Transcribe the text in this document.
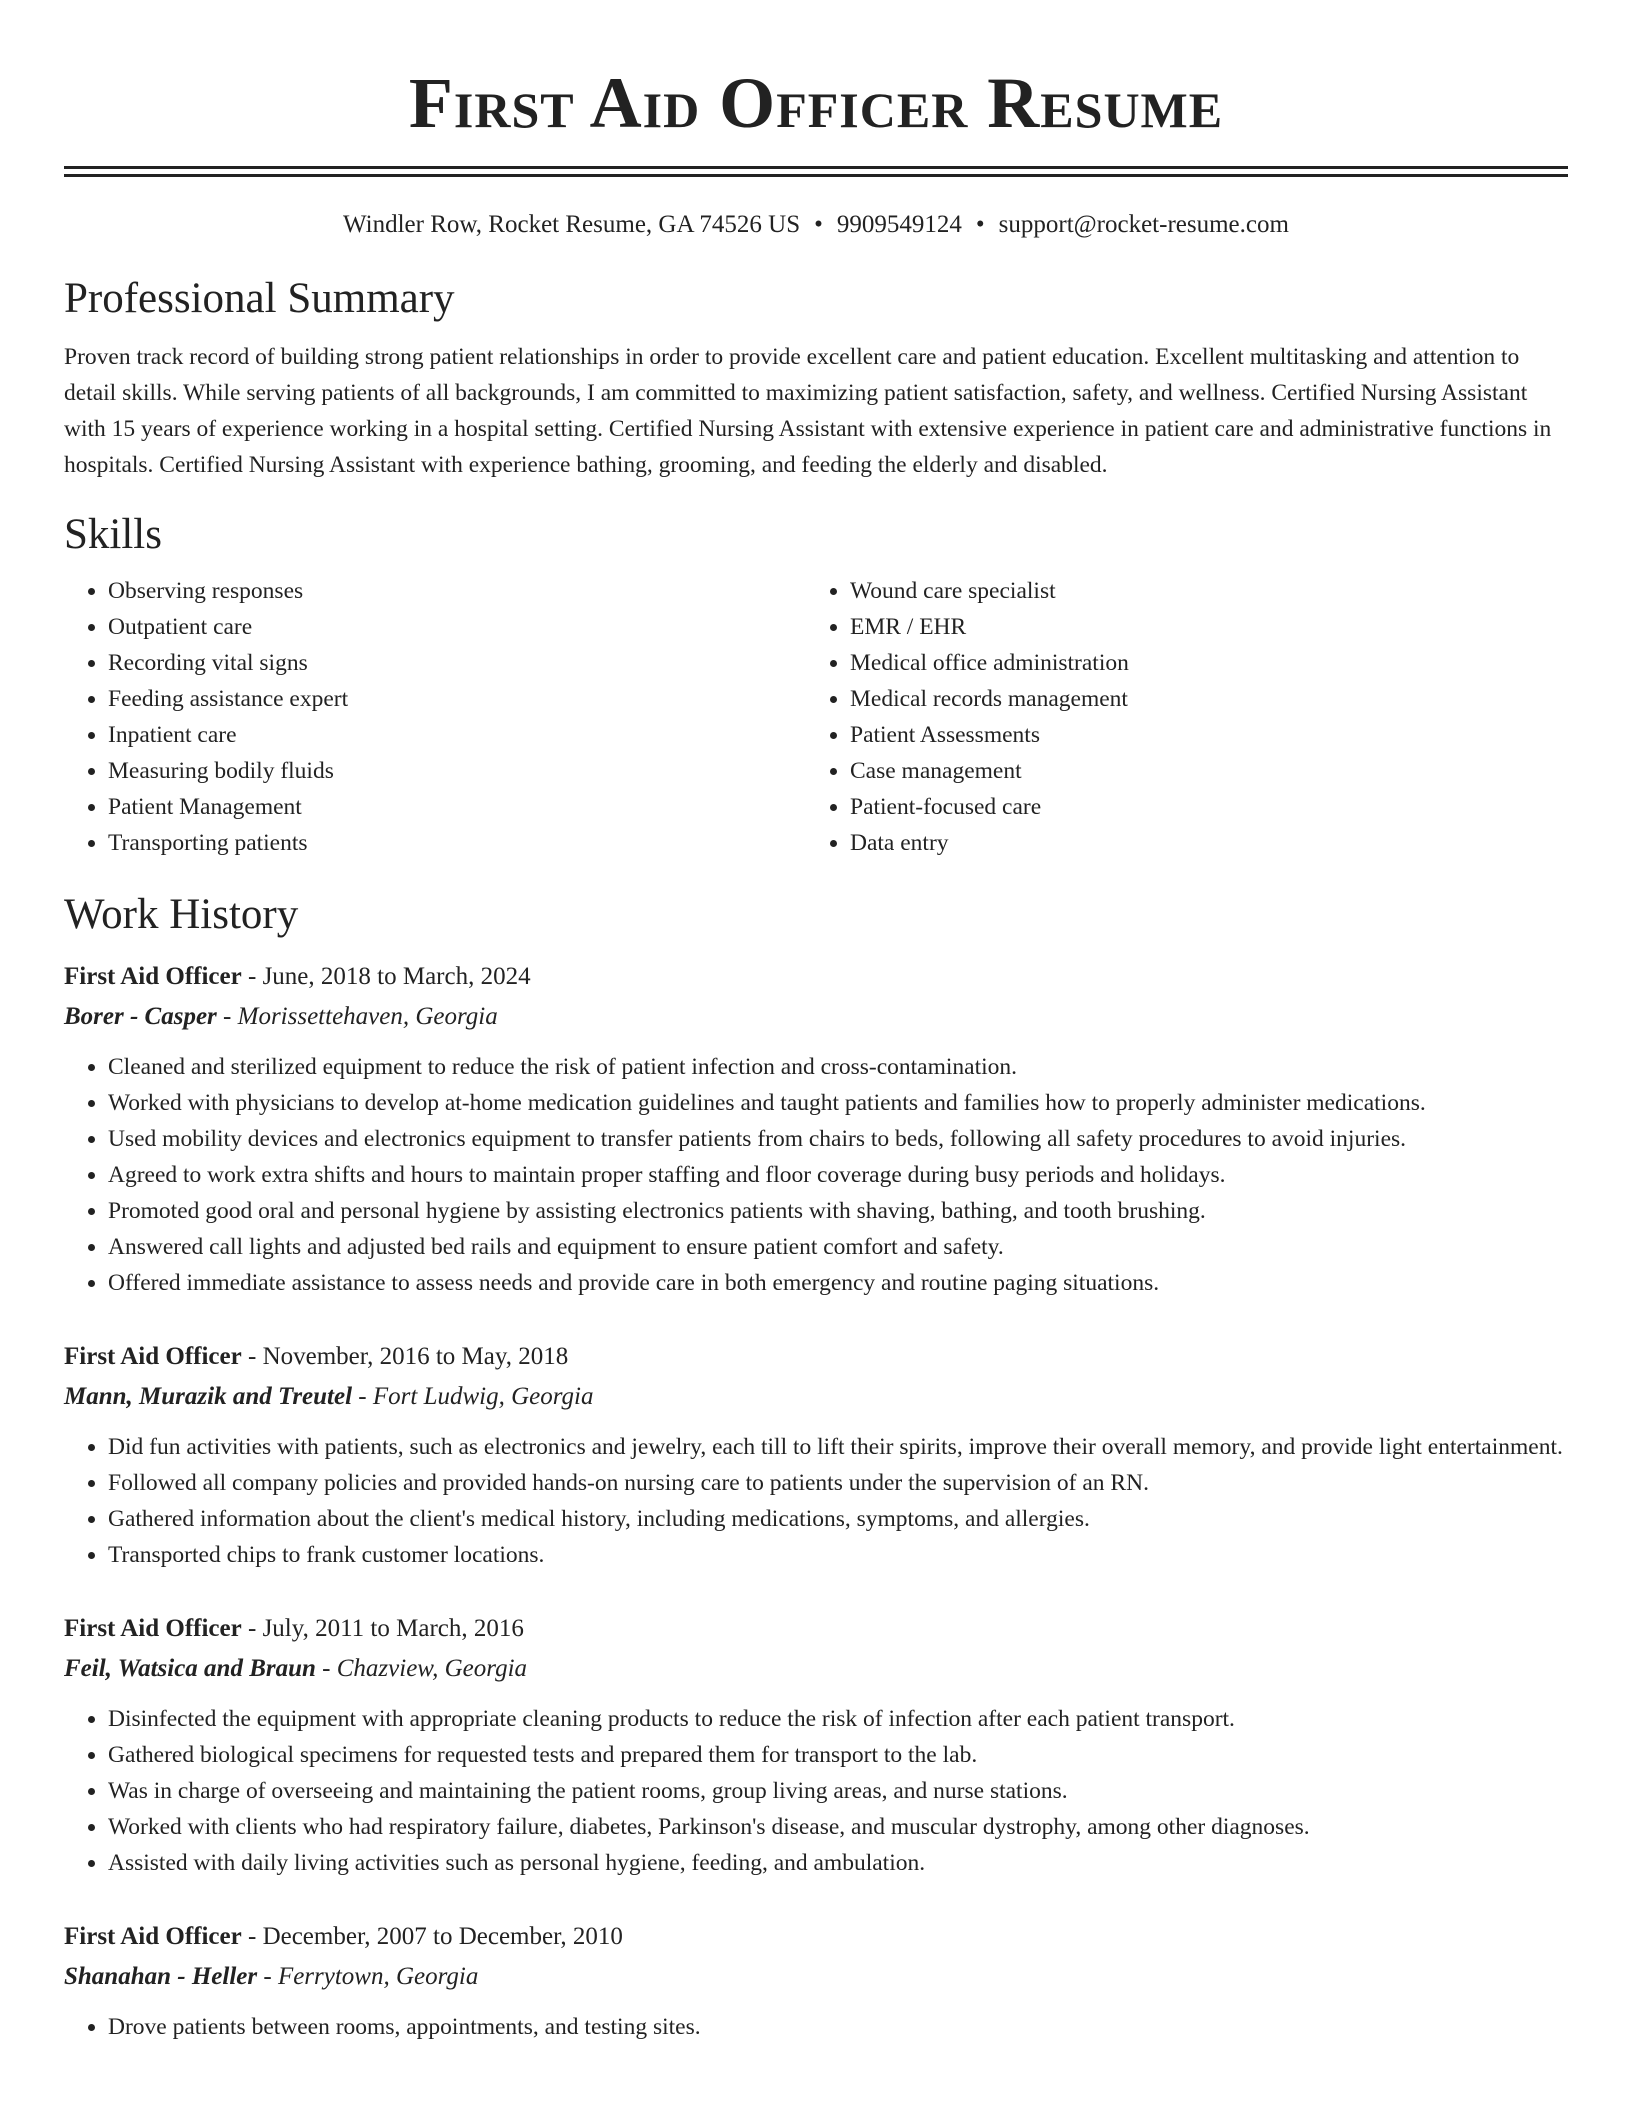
First Aid Officer Resume
Windler Row, Rocket Resume, GA 74526 US • 9909549124 • support@rocket-resume.com
Professional Summary

Proven track record of building strong patient relationships in order to provide excellent care and patient education. Excellent multitasking and attention to detail skills. While serving patients of all backgrounds, I am committed to maximizing patient satisfaction, safety, and wellness. Certified Nursing Assistant with 15 years of experience working in a hospital setting. Certified Nursing Assistant with extensive experience in patient care and administrative functions in hospitals. Certified Nursing Assistant with experience bathing, grooming, and feeding the elderly and disabled.

Skills
• Observing responses
• Outpatient care
• Recording vital signs
• Feeding assistance expert
• Inpatient care
• Measuring bodily fluids
• Patient Management
• Transporting patients
• Wound care specialist
• EMR / EHR
• Medical office administration
• Medical records management
• Patient Assessments
• Case management
• Patient-focused care
• Data entry
Work History
First Aid Officer - June, 2018 to March, 2024
Borer - Casper - Morissettehaven, Georgia
• Cleaned and sterilized equipment to reduce the risk of patient infection and cross-contamination.
• Worked with physicians to develop at-home medication guidelines and taught patients and families how to properly administer medications.
• Used mobility devices and electronics equipment to transfer patients from chairs to beds, following all safety procedures to avoid injuries.
• Agreed to work extra shifts and hours to maintain proper staffing and floor coverage during busy periods and holidays.
• Promoted good oral and personal hygiene by assisting electronics patients with shaving, bathing, and tooth brushing.
• Answered call lights and adjusted bed rails and equipment to ensure patient comfort and safety.
• Offered immediate assistance to assess needs and provide care in both emergency and routine paging situations.
First Aid Officer - November, 2016 to May, 2018
Mann, Murazik and Treutel - Fort Ludwig, Georgia
• Did fun activities with patients, such as electronics and jewelry, each till to lift their spirits, improve their overall memory, and provide light entertainment.
• Followed all company policies and provided hands-on nursing care to patients under the supervision of an RN.
• Gathered information about the client's medical history, including medications, symptoms, and allergies.
• Transported chips to frank customer locations.
First Aid Officer - July, 2011 to March, 2016
Feil, Watsica and Braun - Chazview, Georgia
• Disinfected the equipment with appropriate cleaning products to reduce the risk of infection after each patient transport.
• Gathered biological specimens for requested tests and prepared them for transport to the lab.
• Was in charge of overseeing and maintaining the patient rooms, group living areas, and nurse stations.
• Worked with clients who had respiratory failure, diabetes, Parkinson's disease, and muscular dystrophy, among other diagnoses.
• Assisted with daily living activities such as personal hygiene, feeding, and ambulation.
First Aid Officer - December, 2007 to December, 2010
Shanahan - Heller - Ferrytown, Georgia
• Drove patients between rooms, appointments, and testing sites.
